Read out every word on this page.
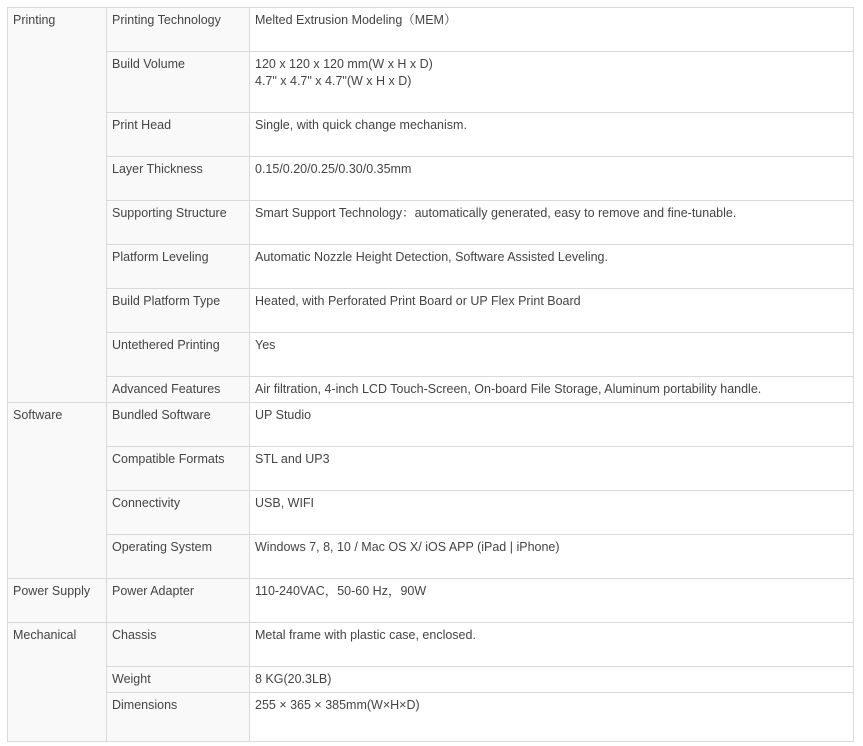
Printing	Printing Technology	Melted Extrusion Modeling（MEM）

	Build Volume	120 x 120 x 120 mm(W x H x D)
4.7" x 4.7" x 4.7"(W x H x D)

	Print Head	Single, with quick change mechanism.

	Layer Thickness	0.15/0.20/0.25/0.30/0.35mm

	Supporting Structure	Smart Support Technology：automatically generated, easy to remove and fine-tunable.

	Platform Leveling	Automatic Nozzle Height Detection, Software Assisted Leveling.

	Build Platform Type	Heated, with Perforated Print Board or UP Flex Print Board

	Untethered Printing	Yes

	Advanced Features	Air filtration, 4-inch LCD Touch-Screen, On-board File Storage, Aluminum portability handle.

Software	Bundled Software	UP Studio

	Compatible Formats	STL and UP3

	Connectivity	USB, WIFI

	Operating System	Windows 7, 8, 10 / Mac OS X/ iOS APP (iPad | iPhone)

Power Supply	Power Adapter	110-240VAC，50-60 Hz，90W

Mechanical	Chassis	Metal frame with plastic case, enclosed.

	Weight	8 KG(20.3LB)

	Dimensions	255 × 365 × 385mm(W×H×D)
